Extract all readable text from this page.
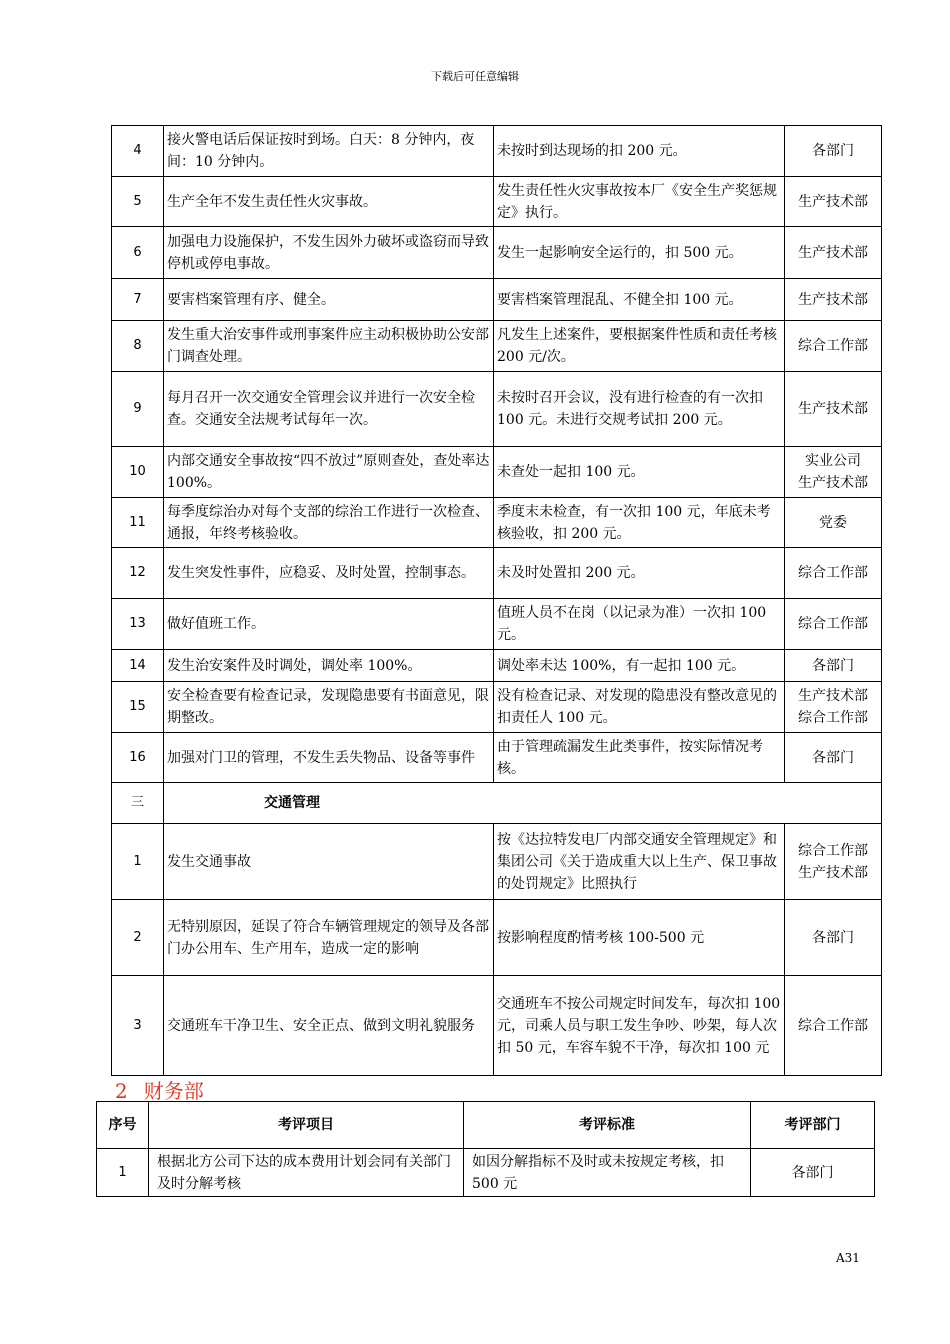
下载后可任意编辑
4	接火警电话后保证按时到场。白天：8 分钟内，夜间：10 分钟内。	未按时到达现场的扣 200 元。	各部门
5	生产全年不发生责任性火灾事故。	发生责任性火灾事故按本厂《安全生产奖惩规定》执行。	生产技术部
6	加强电力设施保护，不发生因外力破坏或盗窃而导致停机或停电事故。	发生一起影响安全运行的，扣 500 元。	生产技术部
7	要害档案管理有序、健全。	要害档案管理混乱、不健全扣 100 元。	生产技术部
8	发生重大治安事件或刑事案件应主动积极协助公安部门调查处理。	凡发生上述案件，要根据案件性质和责任考核 200 元/次。	综合工作部
9	每月召开一次交通安全管理会议并进行一次安全检查。交通安全法规考试每年一次。	未按时召开会议，没有进行检查的有一次扣 100 元。未进行交规考试扣 200 元。	生产技术部
10	内部交通安全事故按“四不放过”原则查处，查处率达 100%。	未查处一起扣 100 元。	实业公司
生产技术部
11	每季度综治办对每个支部的综治工作进行一次检查、通报，年终考核验收。	季度末未检查，有一次扣 100 元，年底未考核验收，扣 200 元。	党委
12	发生突发性事件，应稳妥、及时处置，控制事态。	未及时处置扣 200 元。	综合工作部
13	做好值班工作。	值班人员不在岗（以记录为准）一次扣 100 元。	综合工作部
14	发生治安案件及时调处，调处率 100%。	调处率未达 100%，有一起扣 100 元。	各部门
15	安全检查要有检查记录，发现隐患要有书面意见，限期整改。	没有检查记录、对发现的隐患没有整改意见的扣责任人 100 元。	生产技术部
综合工作部
16	加强对门卫的管理，不发生丢失物品、设备等事件	由于管理疏漏发生此类事件，按实际情况考核。	各部门
三	交通管理		
1	发生交通事故	按《达拉特发电厂内部交通安全管理规定》和集团公司《关于造成重大以上生产、保卫事故的处罚规定》比照执行	综合工作部
生产技术部
2	无特别原因，延误了符合车辆管理规定的领导及各部门办公用车、生产用车，造成一定的影响	按影响程度酌情考核 100-500 元	各部门
3	交通班车干净卫生、安全正点、做到文明礼貌服务	交通班车不按公司规定时间发车，每次扣 100 元，司乘人员与职工发生争吵、吵架，每人次扣 50 元，车容车貌不干净，每次扣 100 元	综合工作部
2 财务部
序号	考评项目	考评标准	考评部门
1	根据北方公司下达的成本费用计划会同有关部门及时分解考核	如因分解指标不及时或未按规定考核，扣 500 元	各部门
A31
